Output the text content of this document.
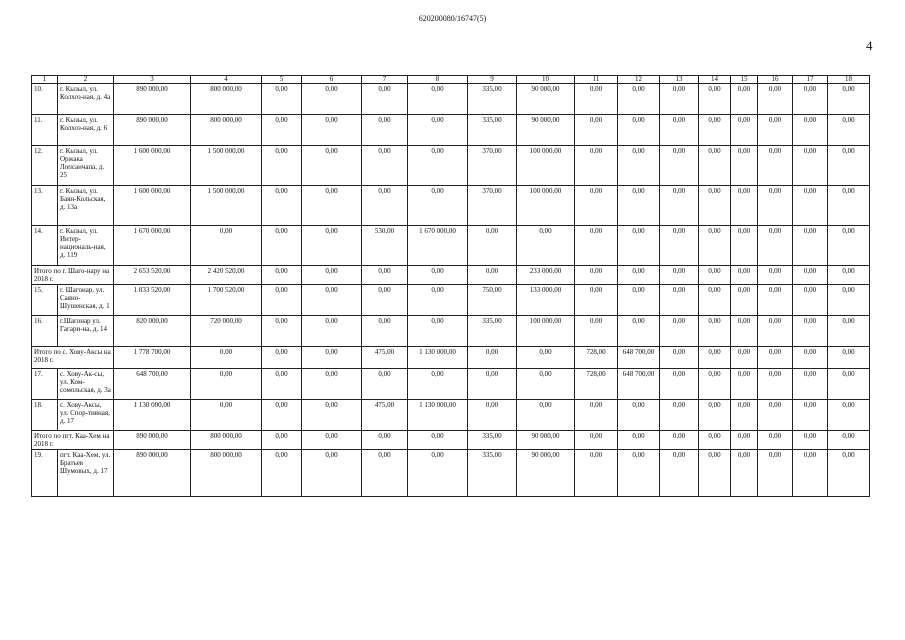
620200080/16747(5)
4
1	2	3	4	5	6	7	8	9	10	11	12	13	14	15	16	17	18
10.	г. Кызыл, ул. Колхоз-ная, д. 4а	890 000,00	800 000,00	0,00	0,00	0,00	0,00	335,00	90 000,00	0,00	0,00	0,00	0,00	0,00	0,00	0,00	0,00
11.	г. Кызыл, ул. Колхоз-ная, д. 6	890 000,00	800 000,00	0,00	0,00	0,00	0,00	335,00	90 000,00	0,00	0,00	0,00	0,00	0,00	0,00	0,00	0,00
12.	г. Кызыл, ул. Оржака Лопсанчапа, д. 25	1 600 000,00	1 500 000,00	0,00	0,00	0,00	0,00	370,00	100 000,00	0,00	0,00	0,00	0,00	0,00	0,00	0,00	0,00
13.	г. Кызыл, ул. Баян-Кольская, д. 13а	1 600 000,00	1 500 000,00	0,00	0,00	0,00	0,00	370,00	100 000,00	0,00	0,00	0,00	0,00	0,00	0,00	0,00	0,00
14.	г. Кызыл, ул. Интер-националь-ная, д. 119	1 670 000,00	0,00	0,00	0,00	530,00	1 670 000,00	0,00	0,00	0,00	0,00	0,00	0,00	0,00	0,00	0,00	0,00
Итого по г. Шаго-нару на 2018 г.		2 653 520,00	2 420 520,00	0,00	0,00	0,00	0,00	0,00	233 000,00	0,00	0,00	0,00	0,00	0,00	0,00	0,00	0,00
15.	г. Шагонар, ул. Саяно-Шушенская, д. 1	1 833 520,00	1 700 520,00	0,00	0,00	0,00	0,00	750,00	133 000,00	0,00	0,00	0,00	0,00	0,00	0,00	0,00	0,00
16.	г.Шагонар ул. Гагари-на, д. 14	820 000,00	720 000,00	0,00	0,00	0,00	0,00	335,00	100 000,00	0,00	0,00	0,00	0,00	0,00	0,00	0,00	0,00
Итого по с. Хову-Аксы на 2018 г.		1 778 700,00	0,00	0,00	0,00	475,00	1 130 000,00	0,00	0,00	728,00	648 700,00	0,00	0,00	0,00	0,00	0,00	0,00
17.	с. Хову-Ак-сы, ул. Ком-сомольская, д. 3а	648 700,00	0,00	0,00	0,00	0,00	0,00	0,00	0,00	728,00	648 700,00	0,00	0,00	0,00	0,00	0,00	0,00
18.	с. Хову-Аксы, ул. Спор-тивная, д. 17	1 130 000,00	0,00	0,00	0,00	475,00	1 130 000,00	0,00	0,00	0,00	0,00	0,00	0,00	0,00	0,00	0,00	0,00
Итого по пгт. Каа-Хем на 2018 г.		890 000,00	800 000,00	0,00	0,00	0,00	0,00	335,00	90 000,00	0,00	0,00	0,00	0,00	0,00	0,00	0,00	0,00
19.	пгт. Каа-Хем, ул. Братьев Шумовых, д. 17	890 000,00	800 000,00	0,00	0,00	0,00	0,00	335,00	90 000,00	0,00	0,00	0,00	0,00	0,00	0,00	0,00	0,00
